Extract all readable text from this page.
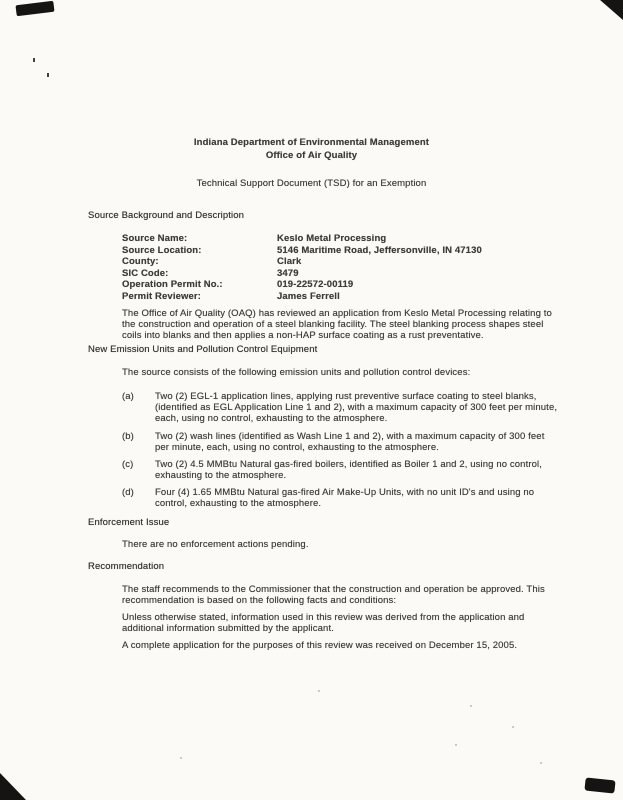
Indiana Department of Environmental Management
Office of Air Quality
Technical Support Document (TSD) for an Exemption
Source Background and Description
Source Name:	Keslo Metal Processing
Source Location:	5146 Maritime Road, Jeffersonville, IN 47130
County:	Clark
SIC Code:	3479
Operation Permit No.:	019-22572-00119
Permit Reviewer:	James Ferrell
The Office of Air Quality (OAQ) has reviewed an application from Keslo Metal Processing relating to the construction and operation of a steel blanking facility. The steel blanking process shapes steel coils into blanks and then applies a non-HAP surface coating as a rust preventative.
New Emission Units and Pollution Control Equipment
The source consists of the following emission units and pollution control devices:
(a) Two (2) EGL-1 application lines, applying rust preventive surface coating to steel blanks, (identified as EGL Application Line 1 and 2), with a maximum capacity of 300 feet per minute, each, using no control, exhausting to the atmosphere.
(b) Two (2) wash lines (identified as Wash Line 1 and 2), with a maximum capacity of 300 feet per minute, each, using no control, exhausting to the atmosphere.
(c) Two (2) 4.5 MMBtu Natural gas-fired boilers, identified as Boiler 1 and 2, using no control, exhausting to the atmosphere.
(d) Four (4) 1.65 MMBtu Natural gas-fired Air Make-Up Units, with no unit ID's and using no control, exhausting to the atmosphere.
Enforcement Issue
There are no enforcement actions pending.
Recommendation
The staff recommends to the Commissioner that the construction and operation be approved. This recommendation is based on the following facts and conditions:
Unless otherwise stated, information used in this review was derived from the application and additional information submitted by the applicant.
A complete application for the purposes of this review was received on December 15, 2005.
